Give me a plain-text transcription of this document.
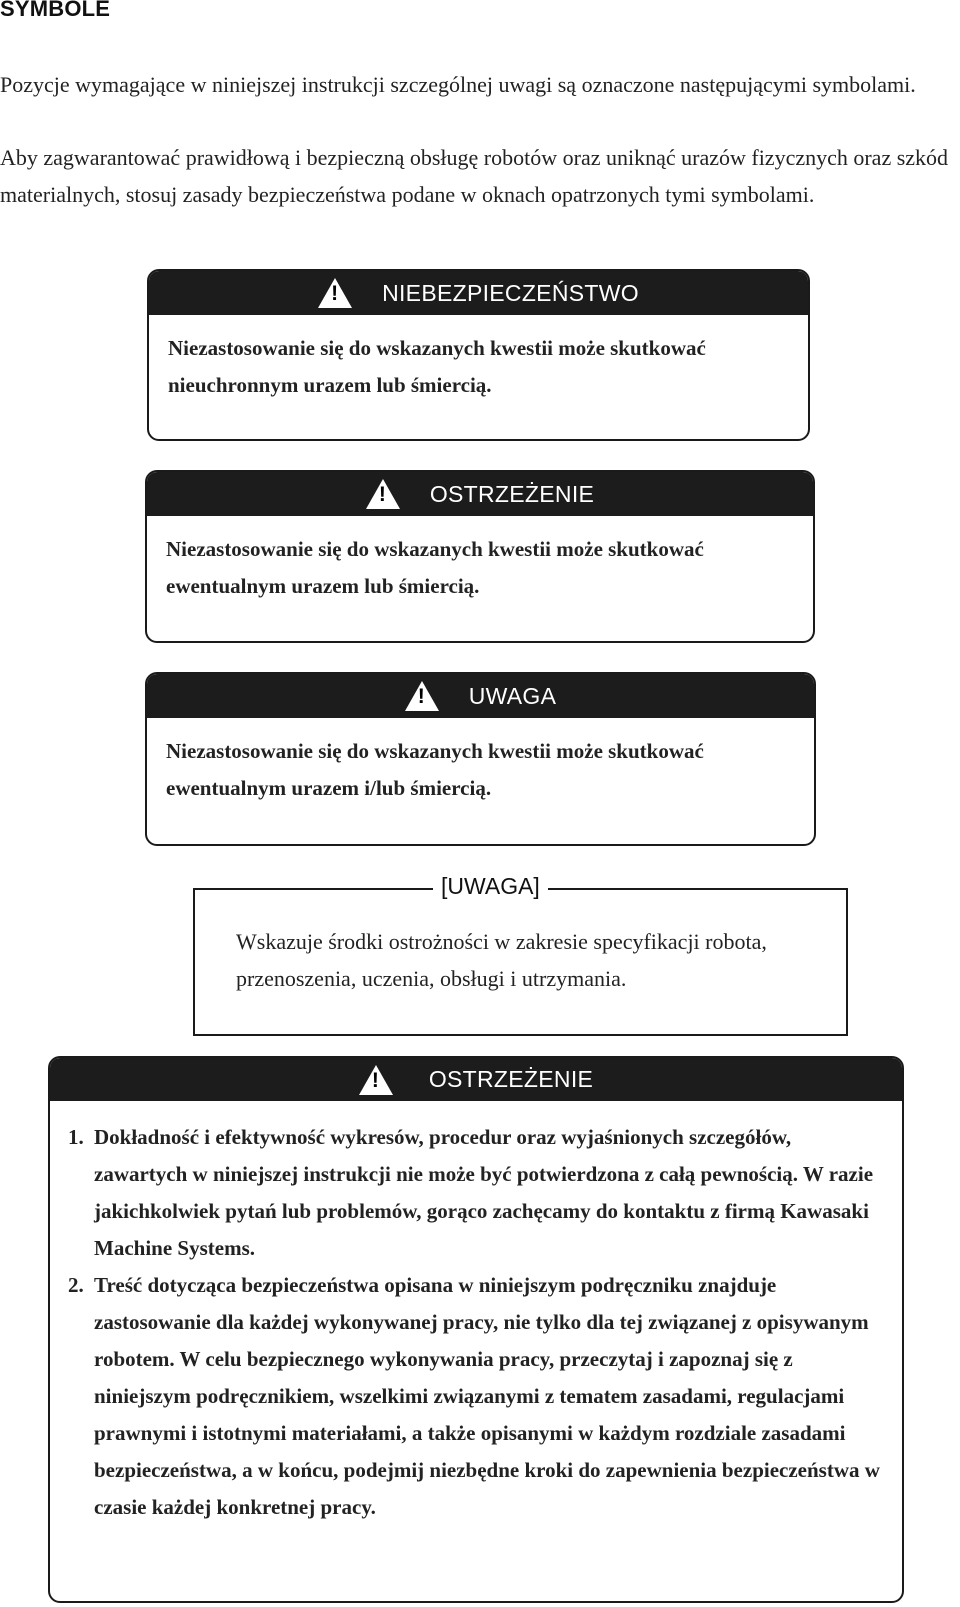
SYMBOLE

Pozycje wymagające w niniejszej instrukcji szczególnej uwagi są oznaczone następującymi symbolami.

Aby zagwarantować prawidłową i bezpieczną obsługę robotów oraz uniknąć urazów fizycznych oraz szkód materialnych, stosuj zasady bezpieczeństwa podane w oknach opatrzonych tymi symbolami.

! NIEBEZPIECZEŃSTWO
Niezastosowanie się do wskazanych kwestii może skutkować
nieuchronnym urazem lub śmiercią.
! OSTRZEŻENIE
Niezastosowanie się do wskazanych kwestii może skutkować
ewentualnym urazem lub śmiercią.
! UWAGA
Niezastosowanie się do wskazanych kwestii może skutkować
ewentualnym urazem i/lub śmiercią.
[UWAGA]
Wskazuje środki ostrożności w zakresie specyfikacji robota, przenoszenia, uczenia, obsługi i utrzymania.
! OSTRZEŻENIE
1. Dokładność i efektywność wykresów, procedur oraz wyjaśnionych szczegółów, zawartych w niniejszej instrukcji nie może być potwierdzona z całą pewnością. W razie jakichkolwiek pytań lub problemów, gorąco zachęcamy do kontaktu z firmą Kawasaki Machine Systems.
2. Treść dotycząca bezpieczeństwa opisana w niniejszym podręczniku znajduje zastosowanie dla każdej wykonywanej pracy, nie tylko dla tej związanej z opisywanym robotem. W celu bezpiecznego wykonywania pracy, przeczytaj i zapoznaj się z niniejszym podręcznikiem, wszelkimi związanymi z tematem zasadami, regulacjami prawnymi i istotnymi materiałami, a także opisanymi w każdym rozdziale zasadami bezpieczeństwa, a w końcu, podejmij niezbędne kroki do zapewnienia bezpieczeństwa w czasie każdej konkretnej pracy.
